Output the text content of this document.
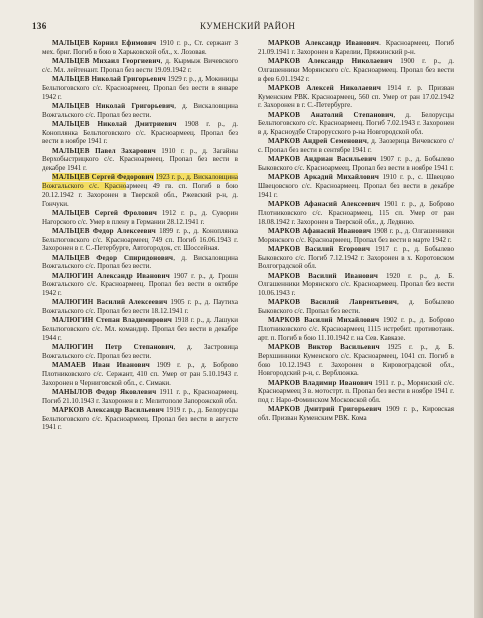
136	КУМЕНСКИЙ РАЙОН

МАЛЬЦЕВ Корнил Ефимович 1910 г. р., Ст. сержант 3 мех. брнг. Погиб в бою в Харьковской обл., х. Лозовая.

МАЛЬЦЕВ Михаил Георгиевич, д. Кырмыж Вичевского с/с. Мл. лейтенант. Пропал без вести 19.09.1942 г.

МАЛЬЦЕВ Николай Григорьевич 1929 г. р., д. Мокиницы Бельтюговского с/с. Красноармеец. Пропал без вести в январе 1942 г.

МАЛЬЦЕВ Николай Григорьевич, д. Вискаловщина Вожгальского с/с. Пропал без вести.

МАЛЬЦЕВ Николай Дмитриевич 1908 г. р., д. Коноплянка Бельтюговского с/с. Красноармеец. Пропал без вести в ноябре 1941 г.

МАЛЬЦЕВ Павел Захарович 1910 г. р., д. Загайны Верхобыстрицкого с/с. Красноармеец. Пропал без вести в декабре 1941 г.

МАЛЬЦЕВ Сергей Федорович 1923 г. р., д. Вискаловщина Вожгальского с/с. Красноармеец 49 гв. сп. Погиб в бою 20.12.1942 г. Захоронен в Тверской обл., Ржевский р-н, д. Гончуки.

МАЛЬЦЕВ Сергей Фролович 1912 г. р., д. Суворин Нагорского с/с. Умер в плену в Германии 28.12.1941 г.

МАЛЬЦЕВ Федор Алексеевич 1899 г. р., д. Коноплянка Бельтюговского с/с. Красноармеец 749 сп. Погиб 16.06.1943 г. Захоронен в г. С.-Петербурге, Автогородок, ст. Шоссейная.

МАЛЬЦЕВ Федор Спиридонович, д. Вискаловщина Вожгальского с/с. Пропал без вести.

МАЛЮГИН Александр Иванович 1907 г. р., д. Грошн Вожгальского с/с. Красноармеец. Пропал без вести в октябре 1942 г.

МАЛЮГИН Василий Алексеевич 1905 г. р., д. Паутиха Вожгальского с/с. Пропал без вести 18.12.1941 г.

МАЛЮГИН Степан Владимирович 1918 г. р., д. Лашуки Бельтюговского с/с. Мл. командир. Пропал без вести в декабре 1944 г.

МАЛЮГИН Петр Степанович, д. Застровица Вожгальского с/с. Пропал без вести.

МАМАЕВ Иван Иванович 1909 г. р., д. Боброво Плотниковского с/с. Сержант, 410 сп. Умер от ран 5.10.1943 г. Захоронен в Черниговской обл., с. Симаки.

МАНЫЛОВ Федор Яковлевич 1911 г. р., Красноармеец. Погиб 21.10.1943 г. Захоронен в г. Мелитополе Запорожской обл.

МАРКОВ Александр Васильевич 1919 г. р., д. Белорусцы Бельтюговского с/с. Красноармеец. Пропал без вести в августе 1941 г.

МАРКОВ Александр Иванович. Красноармеец. Погиб 21.09.1941 г. Захоронен в Карелии, Пряжинский р-н.

МАРКОВ Александр Николаевич 1900 г. р., д. Олгашенники Морянского с/с. Красноармеец. Пропал без вести в фев 6.01.1942 г.

МАРКОВ Алексей Николаевич 1914 г. р. Призван Куменским РВК. Красноармеец, 560 сп. Умер от ран 17.02.1942 г. Захоронен в г. С.-Петербурге.

МАРКОВ Анатолий Степанович, д. Белорусцы Бельтюговского с/с. Красноармеец. Погиб 7.02.1943 г. Захоронен в д. Красноудбе Старорусского р-на Новгородской обл.

МАРКОВ Андрей Семенович, д. Заозерица Вичевского с/с. Пропал без вести в сентябре 1941 г.

МАРКОВ Андриан Васильевич 1907 г. р., д. Бобылево Быковского с/с. Красноармеец. Пропал без вести в ноябре 1941 г.

МАРКОВ Аркадий Михайлович 1910 г. р., с. Швецово Швецовского с/с. Красноармеец. Пропал без вести в декабре 1941 г.

МАРКОВ Афанасий Алексеевич 1901 г. р., д. Боброво Плотниковского с/с. Красноармеец, 115 сп. Умер от ран 18.08.1942 г. Захоронен в Тверской обл., д. Ледянно.

МАРКОВ Афанасий Иванович 1908 г. р., д. Олгашенники Морянского с/с. Красноармеец. Пропал без вести в марте 1942 г.

МАРКОВ Василий Егорович 1917 г. р., д. Бобылево Быковского с/с. Погиб 7.12.1942 г. Захоронен в х. Коротовском Волгоградской обл.

МАРКОВ Василий Иванович 1920 г. р., д. Б. Олгашенники Морянского с/с. Красноармеец. Пропал без вести 10.06.1943 г.

МАРКОВ Василий Лаврентьевич, д. Бобылево Быковского с/с. Пропал без вести.

МАРКОВ Василий Михайлович 1902 г. р., д. Боброво Плотниковского с/с. Красноармеец 1115 истребит. противотанк. арт. п. Погиб в бою 11.10.1942 г. на Сев. Кавказе.

МАРКОВ Виктор Васильевич 1925 г. р., д. Б. Верхшинники Куменского с/с. Красноармеец, 1041 сп. Погиб в бою 10.12.1943 г. Захоронен в Кировоградской обл., Новгородский р-н, с. Верблюжка.

МАРКОВ Владимир Иванович 1911 г. р., Морянский с/с. Красноармеец 3 в. мотострт. п. Пропал без вести в ноябре 1941 г. под г. Наро-Фоминском Московской обл.

МАРКОВ Дмитрий Григорьевич 1909 г. р., Кировская обл. Призван Куменским РВК. Кома
